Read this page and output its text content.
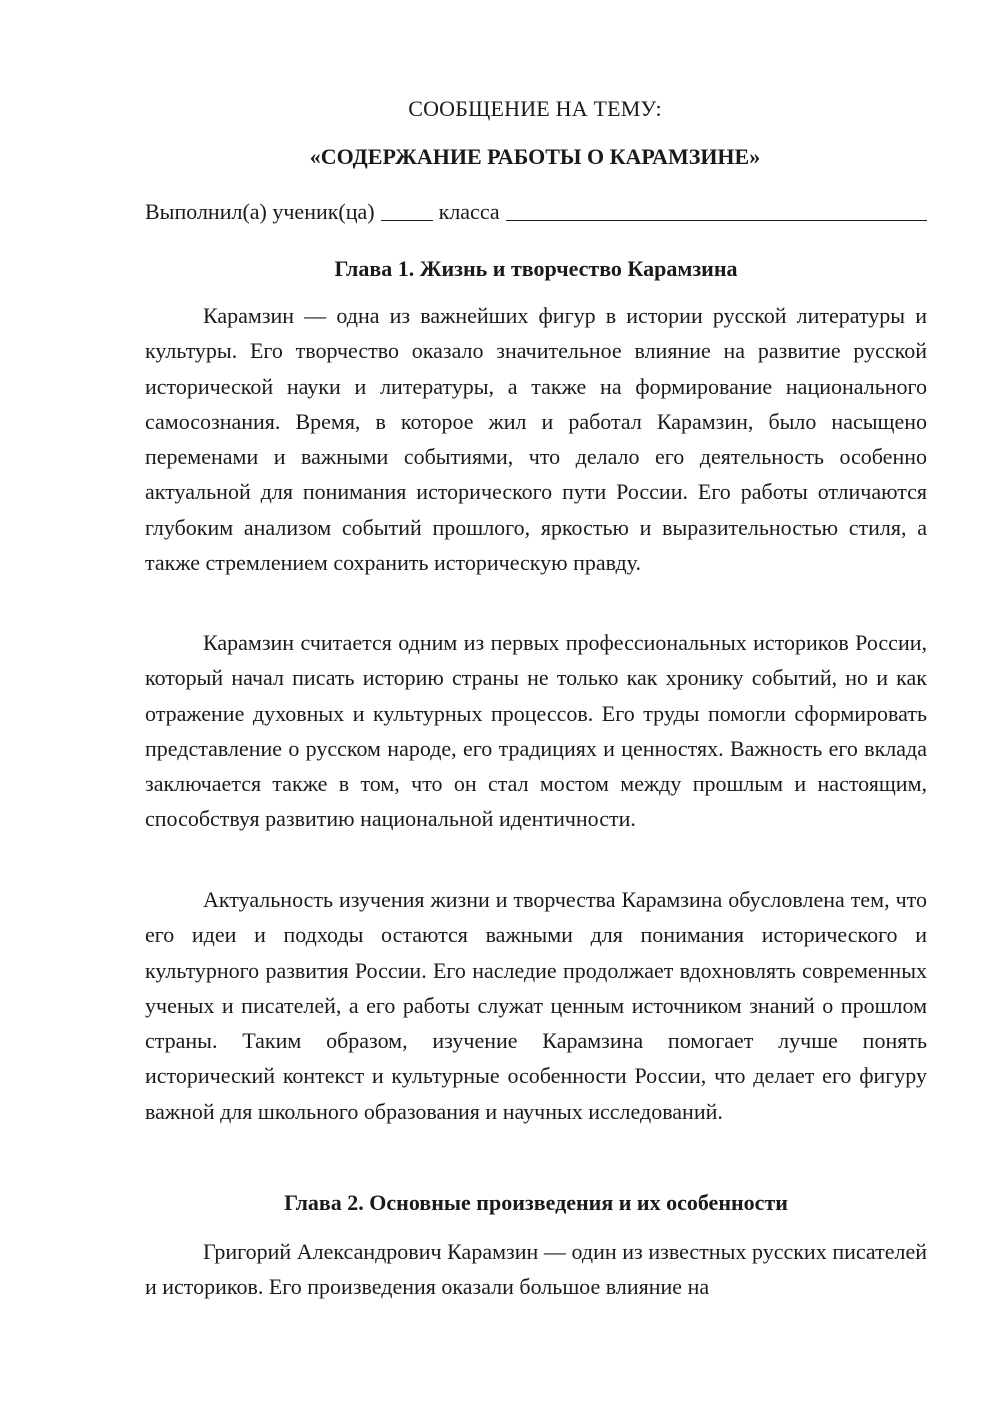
СООБЩЕНИЕ НА ТЕМУ:
«СОДЕРЖАНИЕ РАБОТЫ О КАРАМЗИНЕ»
Выполнил(а) ученик(ца)	класса
Глава 1. Жизнь и творчество Карамзина

Карамзин — одна из важнейших фигур в истории русской литературы и культуры. Его творчество оказало значительное влияние на развитие русской исторической науки и литературы, а также на формирование национального самосознания. Время, в которое жил и работал Карамзин, было насыщено переменами и важными событиями, что делало его деятельность особенно актуальной для понимания исторического пути России. Его работы отличаются глубоким анализом событий прошлого, яркостью и выразительностью стиля, а также стремлением сохранить историческую правду.

Карамзин считается одним из первых профессиональных историков России, который начал писать историю страны не только как хронику событий, но и как отражение духовных и культурных процессов. Его труды помогли сформировать представление о русском народе, его традициях и ценностях. Важность его вклада заключается также в том, что он стал мостом между прошлым и настоящим, способствуя развитию национальной идентичности.

Актуальность изучения жизни и творчества Карамзина обусловлена тем, что его идеи и подходы остаются важными для понимания исторического и культурного развития России. Его наследие продолжает вдохновлять современных ученых и писателей, а его работы служат ценным источником знаний о прошлом страны. Таким образом, изучение Карамзина помогает лучше понять исторический контекст и культурные особенности России, что делает его фигуру важной для школьного образования и научных исследований.

Глава 2. Основные произведения и их особенности

Григорий Александрович Карамзин — один из известных русских писателей и историков. Его произведения оказали большое влияние на
